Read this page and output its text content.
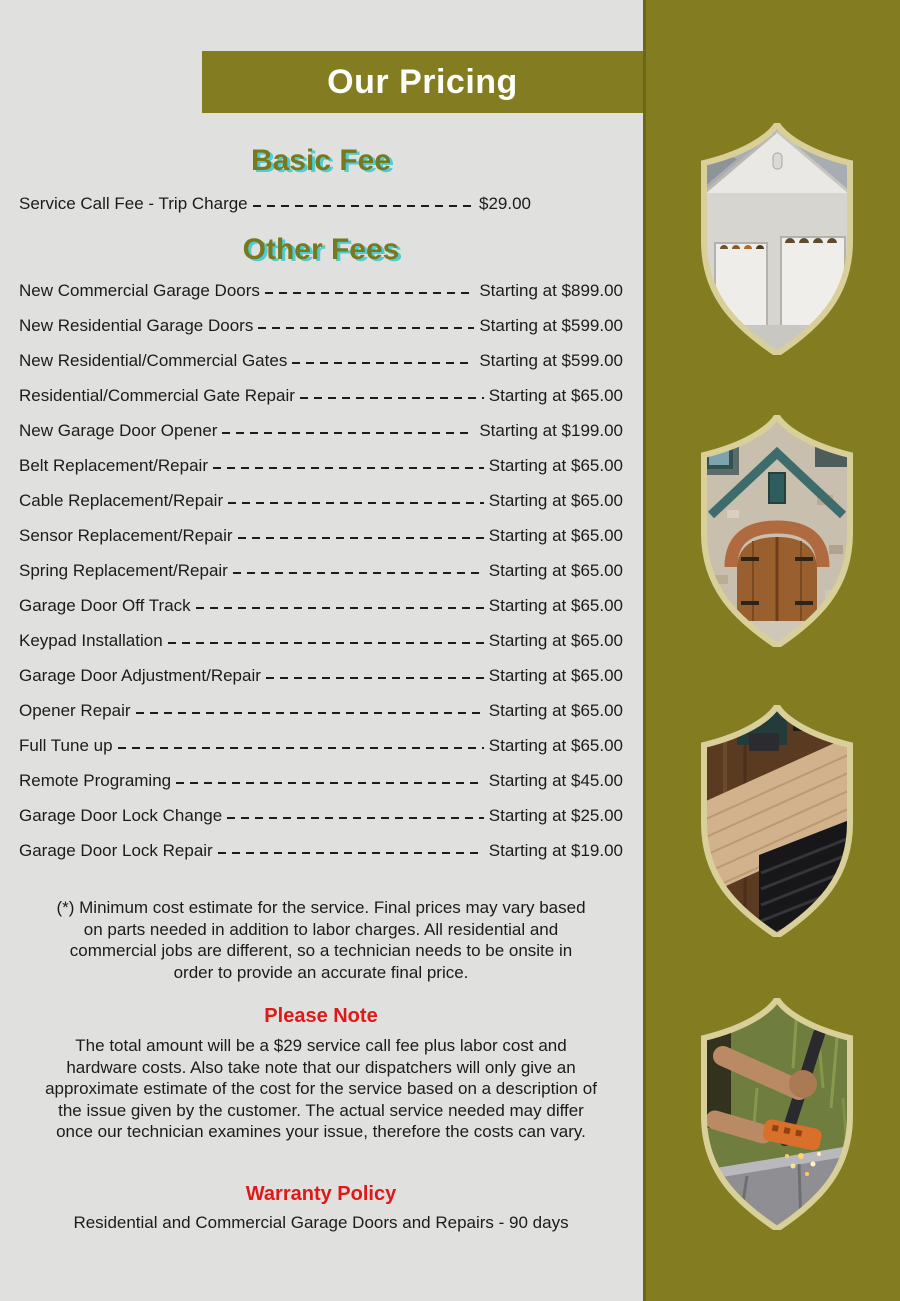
Our Pricing
Basic Fee
Service Call Fee - Trip Charge	$29.00
Other Fees
New Commercial Garage Doors	Starting at $899.00
New Residential Garage Doors	Starting at $599.00
New Residential/Commercial Gates	Starting at $599.00
Residential/Commercial Gate Repair	Starting at $65.00
New Garage Door Opener	Starting at $199.00
Belt Replacement/Repair	Starting at $65.00
Cable Replacement/Repair	Starting at $65.00
Sensor Replacement/Repair	Starting at $65.00
Spring Replacement/Repair	Starting at $65.00
Garage Door Off Track	Starting at $65.00
Keypad Installation	Starting at $65.00
Garage Door Adjustment/Repair	Starting at $65.00
Opener Repair	Starting at $65.00
Full Tune up	Starting at $65.00
Remote Programing	Starting at $45.00
Garage Door Lock Change	Starting at $25.00
Garage Door Lock Repair	Starting at $19.00
(*) Minimum cost estimate for the service. Final prices may vary based on parts needed in addition to labor charges. All residential and commercial jobs are different, so a technician needs to be onsite in order to provide an accurate final price.
Please Note
The total amount will be a $29 service call fee plus labor cost and hardware costs. Also take note that our dispatchers will only give an approximate estimate of the cost for the service based on a description of the issue given by the customer. The actual service needed may differ once our technician examines your issue, therefore the costs can vary.
Warranty Policy
Residential and Commercial Garage Doors and Repairs - 90 days
